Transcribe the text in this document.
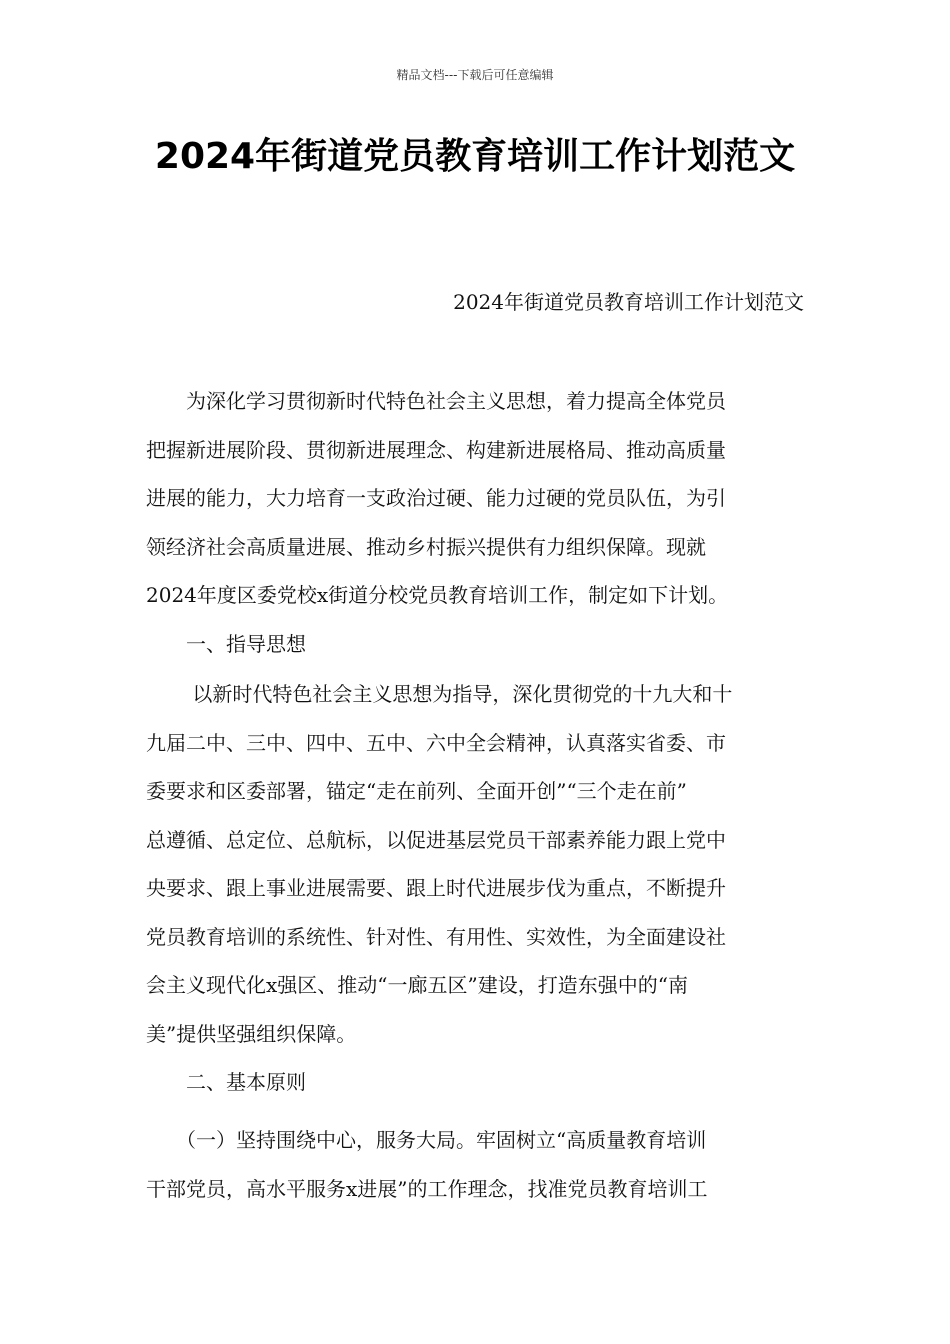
精品文档---下载后可任意编辑
2024年街道党员教育培训工作计划范文
2024年街道党员教育培训工作计划范文

　　为深化学习贯彻新时代特色社会主义思想，着力提高全体党员

把握新进展阶段、贯彻新进展理念、构建新进展格局、推动高质量

进展的能力，大力培育一支政治过硬、能力过硬的党员队伍，为引

领经济社会高质量进展、推动乡村振兴提供有力组织保障。现就

2024年度区委党校x街道分校党员教育培训工作，制定如下计划。

　　一、指导思想

　　 以新时代特色社会主义思想为指导，深化贯彻党的十九大和十

九届二中、三中、四中、五中、六中全会精神，认真落实省委、市

委要求和区委部署，锚定“走在前列、全面开创”“三个走在前”

总遵循、总定位、总航标，以促进基层党员干部素养能力跟上党中

央要求、跟上事业进展需要、跟上时代进展步伐为重点，不断提升

党员教育培训的系统性、针对性、有用性、实效性，为全面建设社

会主义现代化x强区、推动“一廊五区”建设，打造东强中的“南

美”提供坚强组织保障。

　　二、基本原则

　　（一）坚持围绕中心，服务大局。牢固树立“高质量教育培训

干部党员，高水平服务x进展”的工作理念，找准党员教育培训工
